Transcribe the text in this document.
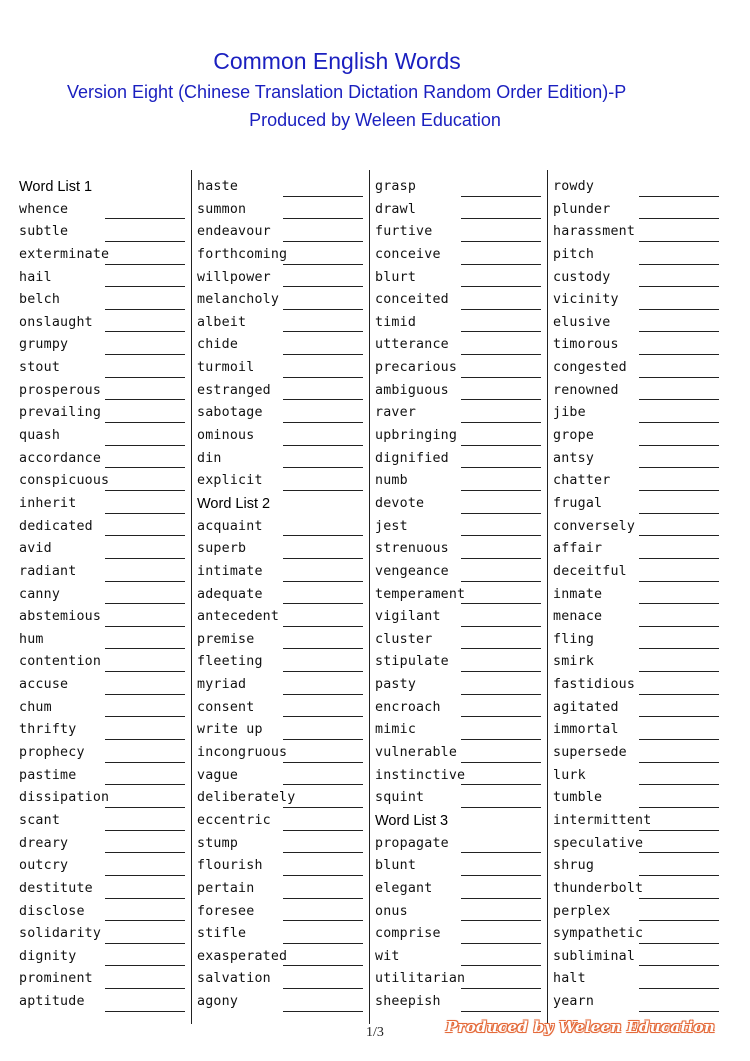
Common English Words
Version Eight (Chinese Translation Dictation Random Order Edition)-P
Produced by Weleen Education
Word List 1
whence
subtle
exterminate
hail
belch
onslaught
grumpy
stout
prosperous
prevailing
quash
accordance
conspicuous
inherit
dedicated
avid
radiant
canny
abstemious
hum
contention
accuse
chum
thrifty
prophecy
pastime
dissipation
scant
dreary
outcry
destitute
disclose
solidarity
dignity
prominent
aptitude
haste
summon
endeavour
forthcoming
willpower
melancholy
albeit
chide
turmoil
estranged
sabotage
ominous
din
explicit
Word List 2
acquaint
superb
intimate
adequate
antecedent
premise
fleeting
myriad
consent
write up
incongruous
vague
deliberately
eccentric
stump
flourish
pertain
foresee
stifle
exasperated
salvation
agony
grasp
drawl
furtive
conceive
blurt
conceited
timid
utterance
precarious
ambiguous
raver
upbringing
dignified
numb
devote
jest
strenuous
vengeance
temperament
vigilant
cluster
stipulate
pasty
encroach
mimic
vulnerable
instinctive
squint
Word List 3
propagate
blunt
elegant
onus
comprise
wit
utilitarian
sheepish
rowdy
plunder
harassment
pitch
custody
vicinity
elusive
timorous
congested
renowned
jibe
grope
antsy
chatter
frugal
conversely
affair
deceitful
inmate
menace
fling
smirk
fastidious
agitated
immortal
supersede
lurk
tumble
intermittent
speculative
shrug
thunderbolt
perplex
sympathetic
subliminal
halt
yearn
1/3	Produced by Weleen Education
